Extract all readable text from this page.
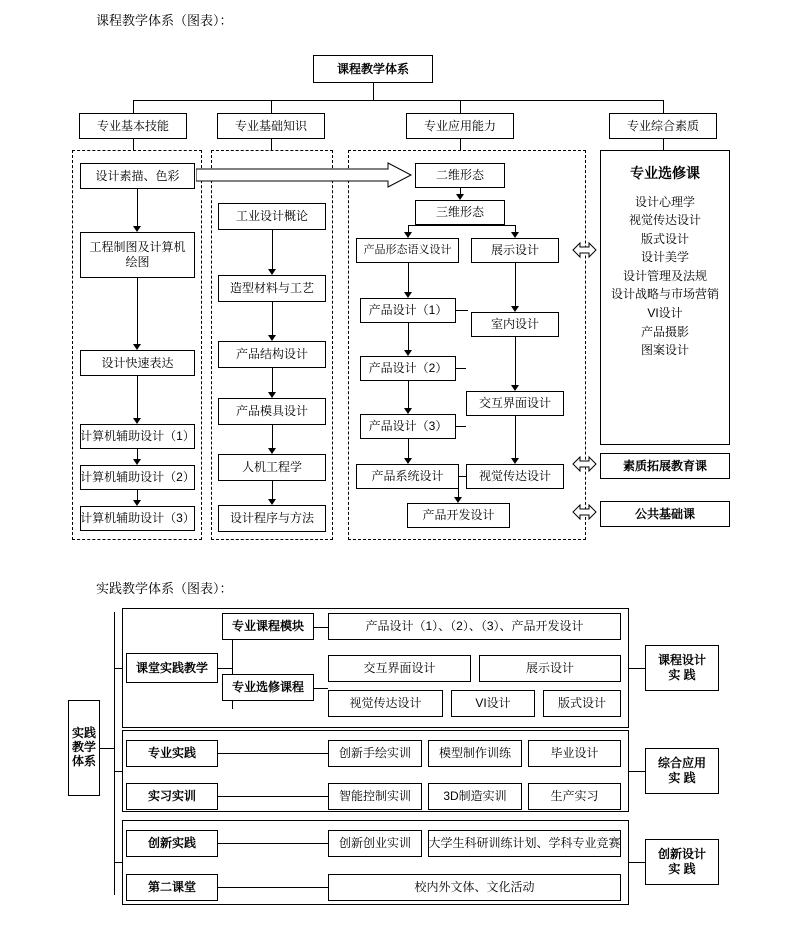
课程教学体系（图表）：
课程教学体系
专业基本技能	专业基础知识	专业应用能力	专业综合素质
专业选修课
设计心理学
视觉传达设计
版式设计
设计美学
设计管理及法规
设计战略与市场营销
VI设计
产品摄影
图案设计
设计素描、色彩
工程制图及计算机绘图
设计快速表达
计算机辅助设计（1）
计算机辅助设计（2）
计算机辅助设计（3）
工业设计概论
造型材料与工艺
产品结构设计
产品模具设计
人机工程学
设计程序与方法
二维形态
三维形态
产品形态语义设计
产品设计（1）
产品设计（2）
产品设计（3）
产品系统设计
产品开发设计
展示设计
室内设计
交互界面设计
视觉传达设计
素质拓展教育课
公共基础课
实践教学体系（图表）：
实践
教学
体系
课堂实践教学
专业课程模块
专业选修课程
产品设计（1）、（2）、（3）、产品开发设计
交互界面设计	展示设计
视觉传达设计	VI设计	版式设计
课程设计
实 践
专业实践
实习实训
创新手绘实训	模型制作训练	毕业设计
智能控制实训	3D制造实训	生产实习
综合应用
实 践
创新实践
第二课堂
创新创业实训	大学生科研训练计划、学科专业竞赛
校内外文体、文化活动
创新设计
实 践
